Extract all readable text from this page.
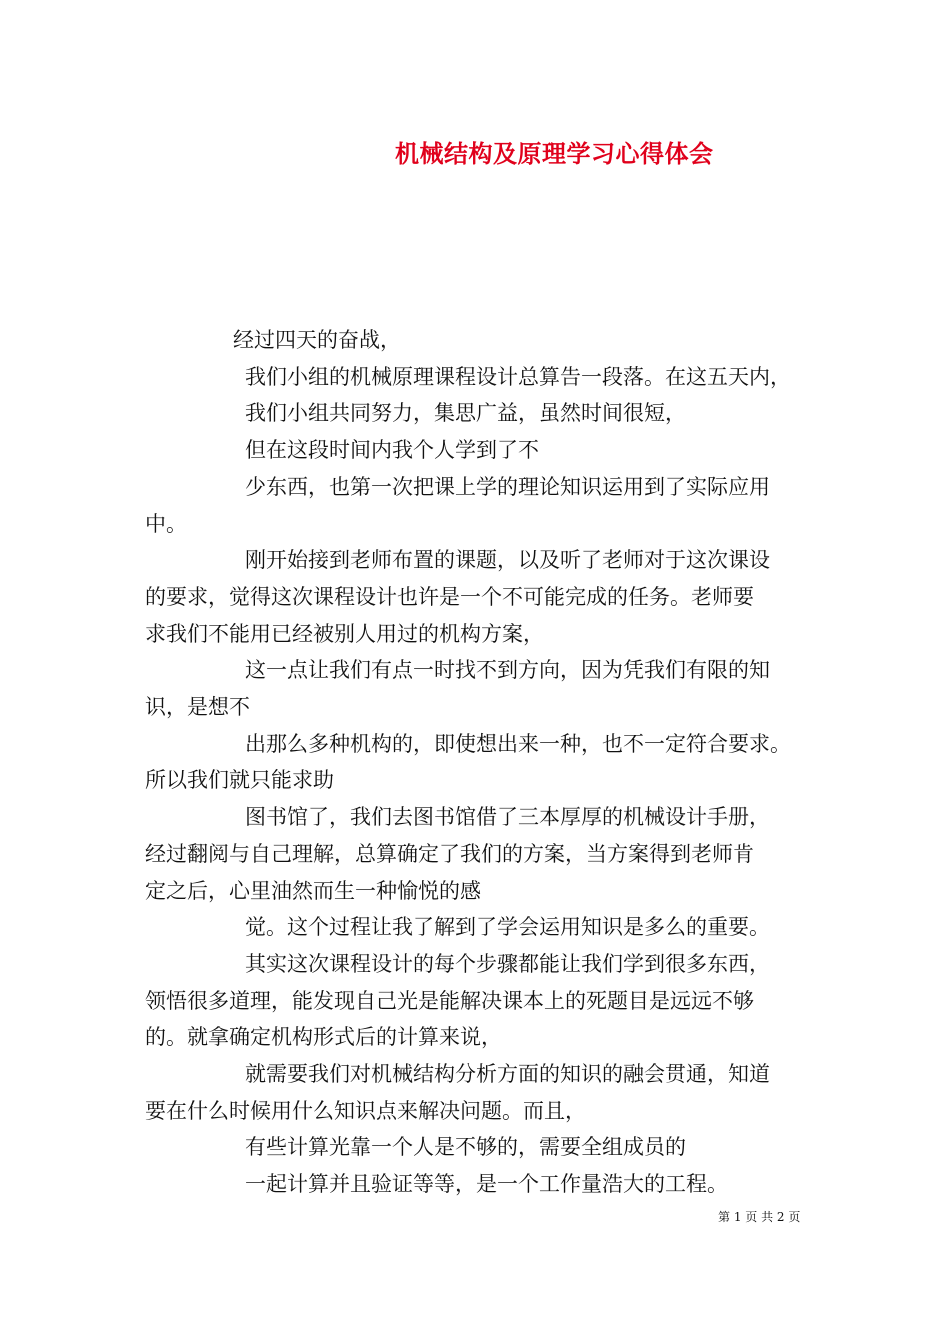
机械结构及原理学习心得体会

经过四天的奋战，

我们小组的机械原理课程设计总算告一段落。在这五天内，

我们小组共同努力，集思广益，虽然时间很短，

但在这段时间内我个人学到了不

少东西，也第一次把课上学的理论知识运用到了实际应用

中。

刚开始接到老师布置的课题，以及听了老师对于这次课设

的要求，觉得这次课程设计也许是一个不可能完成的任务。老师要

求我们不能用已经被别人用过的机构方案，

这一点让我们有点一时找不到方向，因为凭我们有限的知

识，是想不

出那么多种机构的，即使想出来一种，也不一定符合要求。

所以我们就只能求助

图书馆了，我们去图书馆借了三本厚厚的机械设计手册，

经过翻阅与自己理解，总算确定了我们的方案，当方案得到老师肯

定之后，心里油然而生一种愉悦的感

觉。这个过程让我了解到了学会运用知识是多么的重要。

其实这次课程设计的每个步骤都能让我们学到很多东西，

领悟很多道理，能发现自己光是能解决课本上的死题目是远远不够

的。就拿确定机构形式后的计算来说，

就需要我们对机械结构分析方面的知识的融会贯通，知道

要在什么时候用什么知识点来解决问题。而且，

有些计算光靠一个人是不够的，需要全组成员的

一起计算并且验证等等，是一个工作量浩大的工程。

第 1 页 共 2 页
